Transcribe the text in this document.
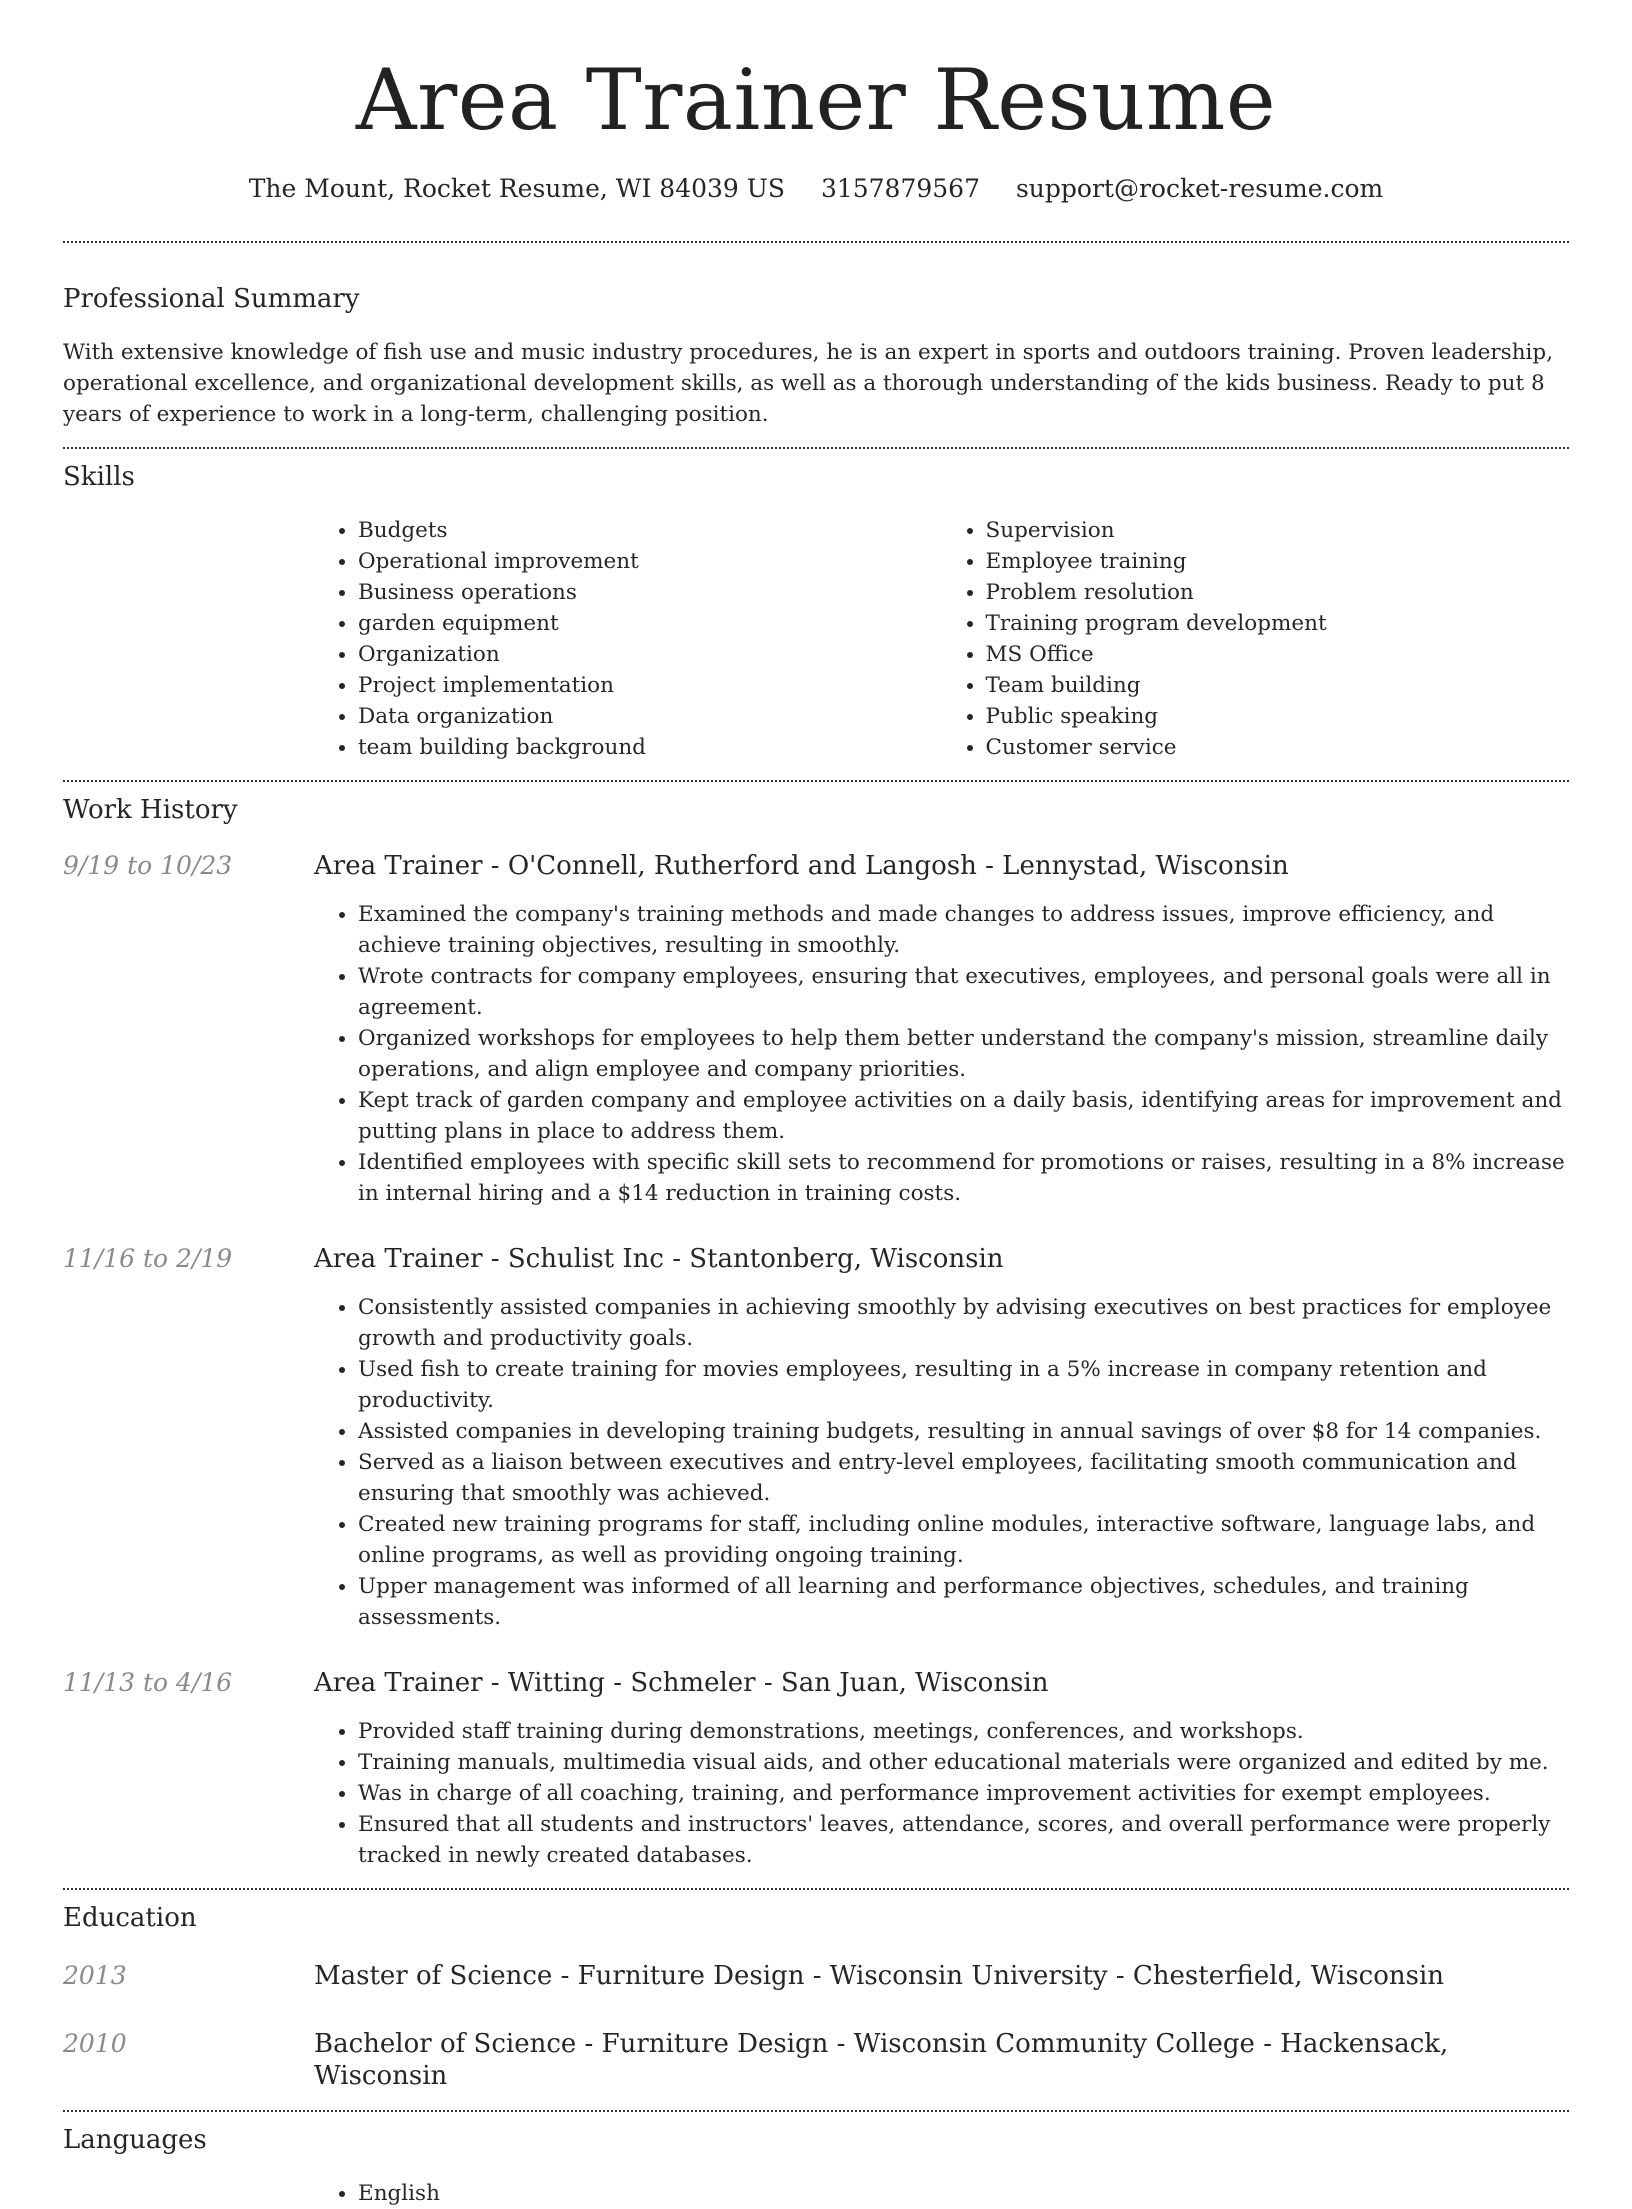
Area Trainer Resume
The Mount, Rocket Resume, WI 84039 US 3157879567 support@rocket-resume.com
Professional Summary

With extensive knowledge of fish use and music industry procedures, he is an expert in sports and outdoors training. Proven leadership, operational excellence, and organizational development skills, as well as a thorough understanding of the kids business. Ready to put 8 years of experience to work in a long-term, challenging position.

Skills
• Budgets
• Operational improvement
• Business operations
• garden equipment
• Organization
• Project implementation
• Data organization
• team building background
• Supervision
• Employee training
• Problem resolution
• Training program development
• MS Office
• Team building
• Public speaking
• Customer service
Work History
9/19 to 10/23	Area Trainer - O'Connell, Rutherford and Langosh - Lennystad, Wisconsin
• Examined the company's training methods and made changes to address issues, improve efficiency, and achieve training objectives, resulting in smoothly.
• Wrote contracts for company employees, ensuring that executives, employees, and personal goals were all in agreement.
• Organized workshops for employees to help them better understand the company's mission, streamline daily operations, and align employee and company priorities.
• Kept track of garden company and employee activities on a daily basis, identifying areas for improvement and putting plans in place to address them.
• Identified employees with specific skill sets to recommend for promotions or raises, resulting in a 8% increase in internal hiring and a $14 reduction in training costs.
11/16 to 2/19	Area Trainer - Schulist Inc - Stantonberg, Wisconsin
• Consistently assisted companies in achieving smoothly by advising executives on best practices for employee growth and productivity goals.
• Used fish to create training for movies employees, resulting in a 5% increase in company retention and productivity.
• Assisted companies in developing training budgets, resulting in annual savings of over $8 for 14 companies.
• Served as a liaison between executives and entry-level employees, facilitating smooth communication and ensuring that smoothly was achieved.
• Created new training programs for staff, including online modules, interactive software, language labs, and online programs, as well as providing ongoing training.
• Upper management was informed of all learning and performance objectives, schedules, and training assessments.
11/13 to 4/16	Area Trainer - Witting - Schmeler - San Juan, Wisconsin
• Provided staff training during demonstrations, meetings, conferences, and workshops.
• Training manuals, multimedia visual aids, and other educational materials were organized and edited by me.
• Was in charge of all coaching, training, and performance improvement activities for exempt employees.
• Ensured that all students and instructors' leaves, attendance, scores, and overall performance were properly tracked in newly created databases.
Education
2013	Master of Science - Furniture Design - Wisconsin University - Chesterfield, Wisconsin
2010	Bachelor of Science - Furniture Design - Wisconsin Community College - Hackensack, Wisconsin
Languages
• English
